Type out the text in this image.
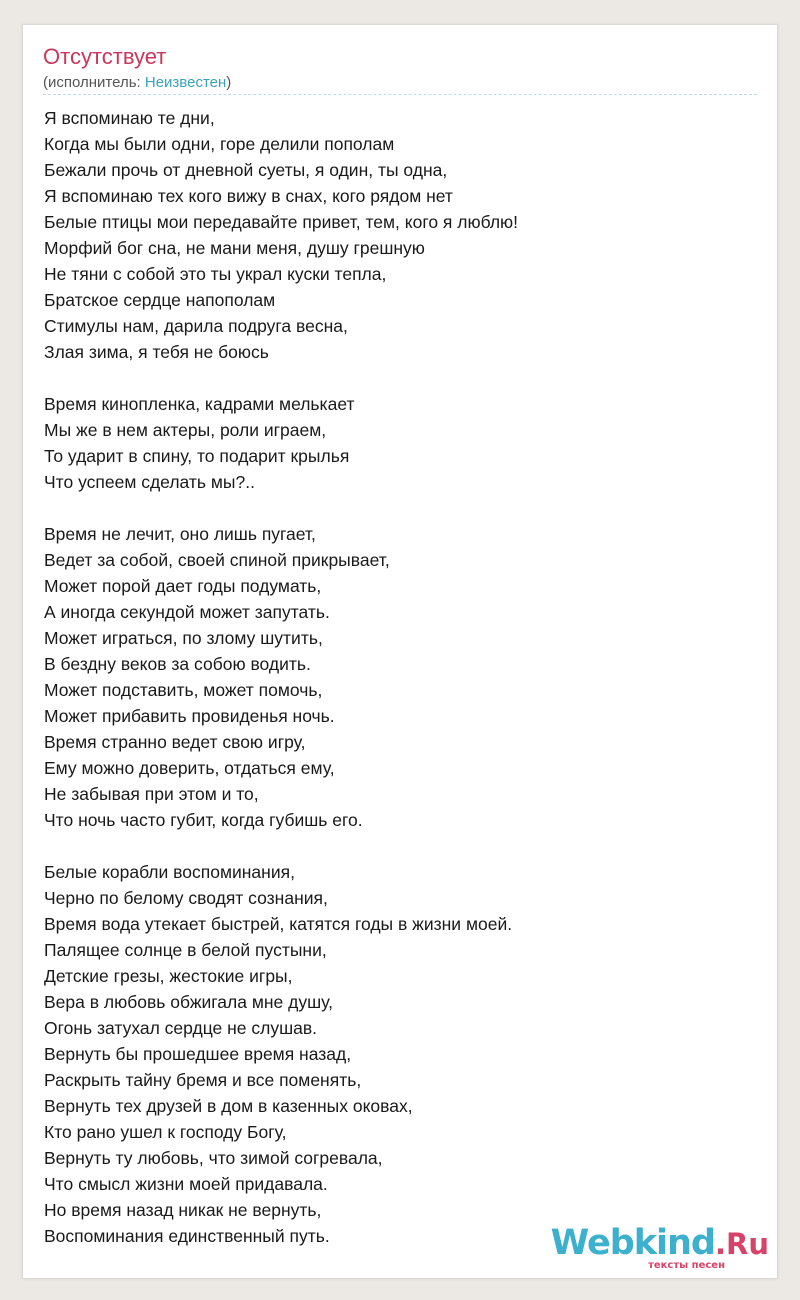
Отсутствует
(исполнитель: Неизвестен)
Я вспоминаю те дни,
Когда мы были одни, горе делили пополам
Бежали прочь от дневной суеты, я один, ты одна,
Я вспоминаю тех кого вижу в снах, кого рядом нет
Белые птицы мои передавайте привет, тем, кого я люблю!
Морфий бог сна, не мани меня, душу грешную
Не тяни с собой это ты украл куски тепла,
Братское сердце напополам
Стимулы нам, дарила подруга весна,
Злая зима, я тебя не боюсь
Время кинопленка, кадрами мелькает
Мы же в нем актеры, роли играем,
То ударит в спину, то подарит крылья
Что успеем сделать мы?..
Время не лечит, оно лишь пугает,
Ведет за собой, своей спиной прикрывает,
Может порой дает годы подумать,
А иногда секундой может запутать.
Может играться, по злому шутить,
В бездну веков за собою водить.
Может подставить, может помочь,
Может прибавить провиденья ночь.
Время странно ведет свою игру,
Ему можно доверить, отдаться ему,
Не забывая при этом и то,
Что ночь часто губит, когда губишь его.
Белые корабли воспоминания,
Черно по белому сводят сознания,
Время вода утекает быстрей, катятся годы в жизни моей.
Палящее солнце в белой пустыни,
Детские грезы, жестокие игры,
Вера в любовь обжигала мне душу,
Огонь затухал сердце не слушав.
Вернуть бы прошедшее время назад,
Раскрыть тайну бремя и все поменять,
Вернуть тех друзей в дом в казенных оковах,
Кто рано ушел к господу Богу,
Вернуть ту любовь, что зимой согревала,
Что смысл жизни моей придавала.
Но время назад никак не вернуть,
Воспоминания единственный путь.	Webkind.Ru
тексты песен
